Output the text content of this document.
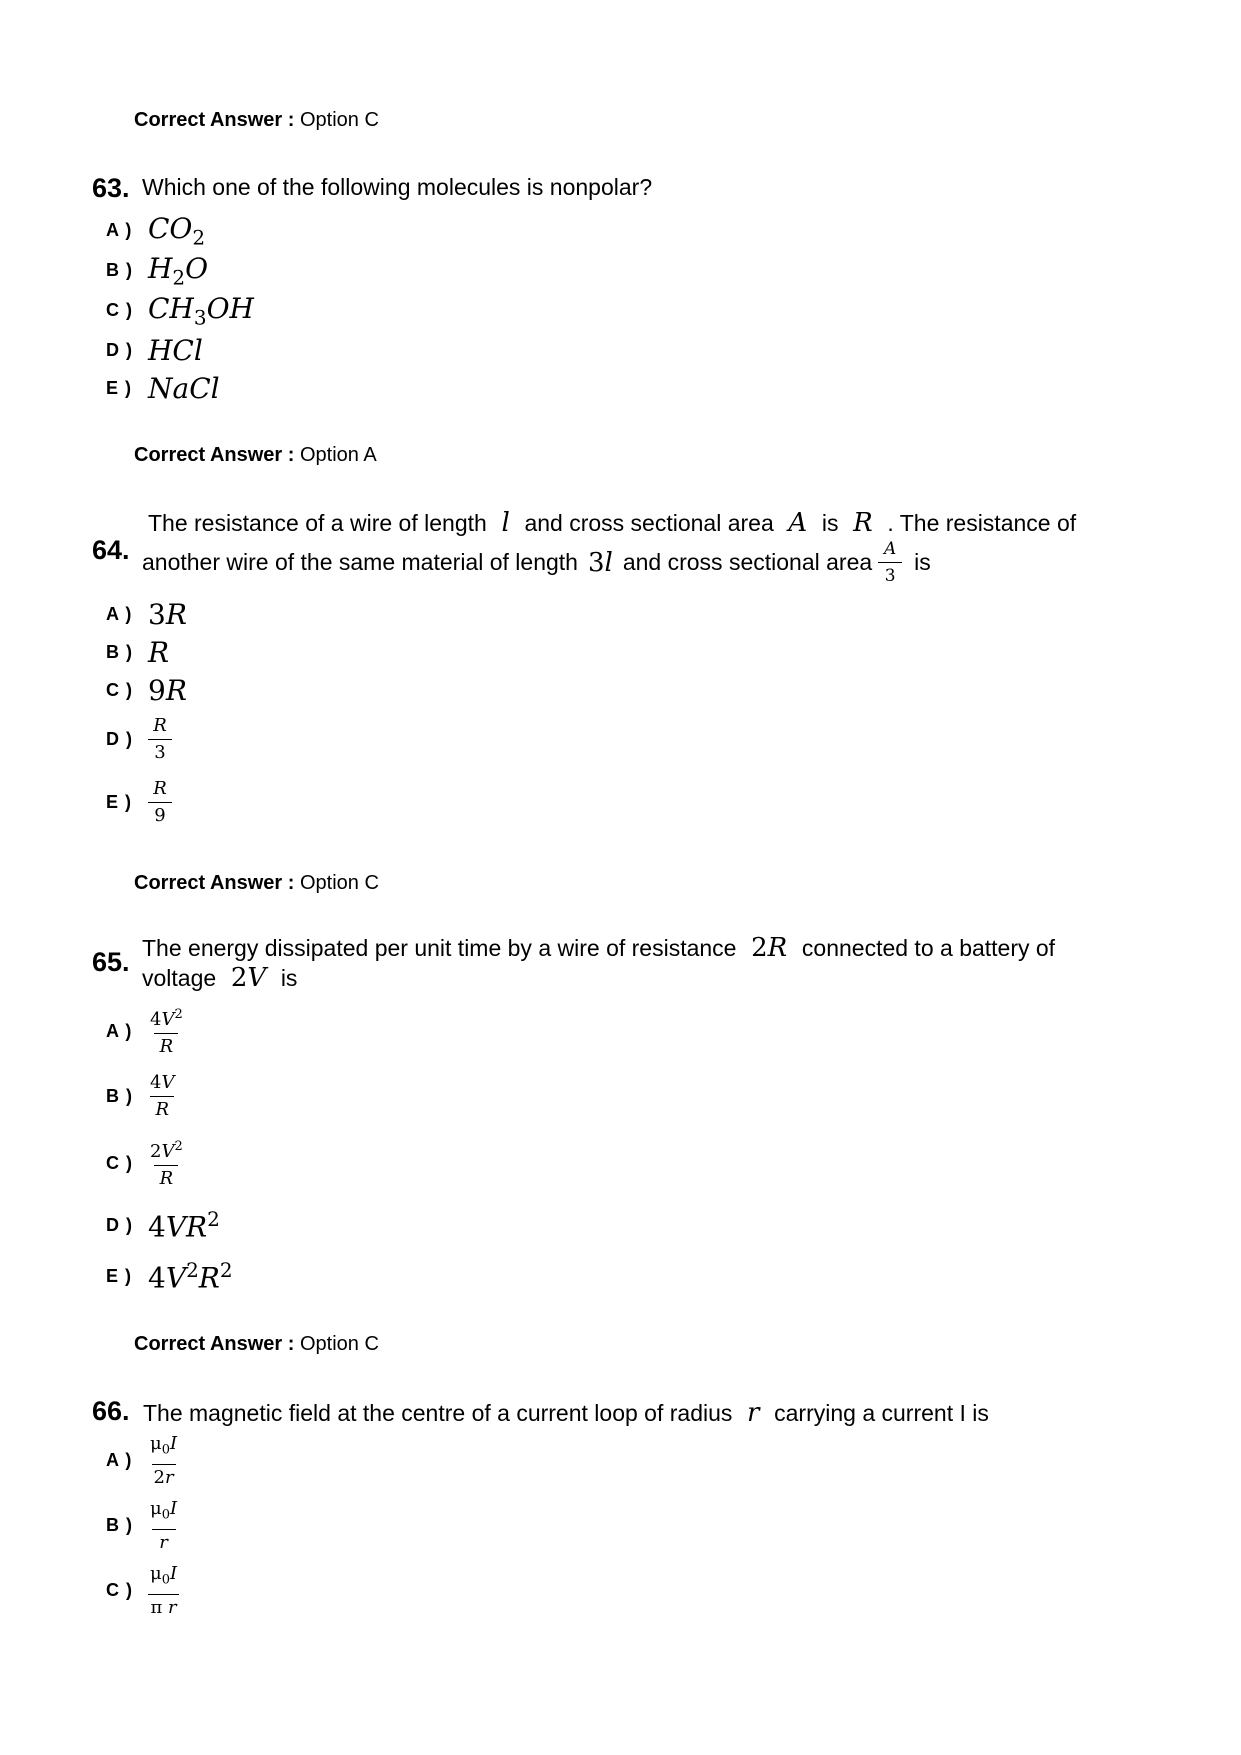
Correct Answer : Option C
63. Which one of the following molecules is nonpolar?
A ) $CO_2$
B ) $H_2O$
C ) $CH_3OH$
D ) HCl
E ) NaCl
Correct Answer : Option A
64.
The resistance of a wire of length  l  and cross sectional area  A  is  R  . The resistance of
another wire of the same material of length 3l and cross sectional area $\frac{A}{3}$ is
A ) 3R
B ) R
C ) 9R
D ) $\frac{R}{3}$
E ) $\frac{R}{9}$
Correct Answer : Option C
65. The energy dissipated per unit time by a wire of resistance 2R  connected to a battery of
voltage 2V  is
A ) $\frac{4V^2}{R}$
B ) $\frac{4V}{R}$
C ) $\frac{2V^2}{R}$
D ) $4VR^2$
E ) $4V^2R^2$
Correct Answer : Option C
66. The magnetic field at the centre of a current loop of radius  r  carrying a current I is
A ) $\frac{\mu_0I}{2r}$
B ) $\frac{\mu_0I}{r}$
C ) $\frac{\mu_0I}{\text{π r}}$
